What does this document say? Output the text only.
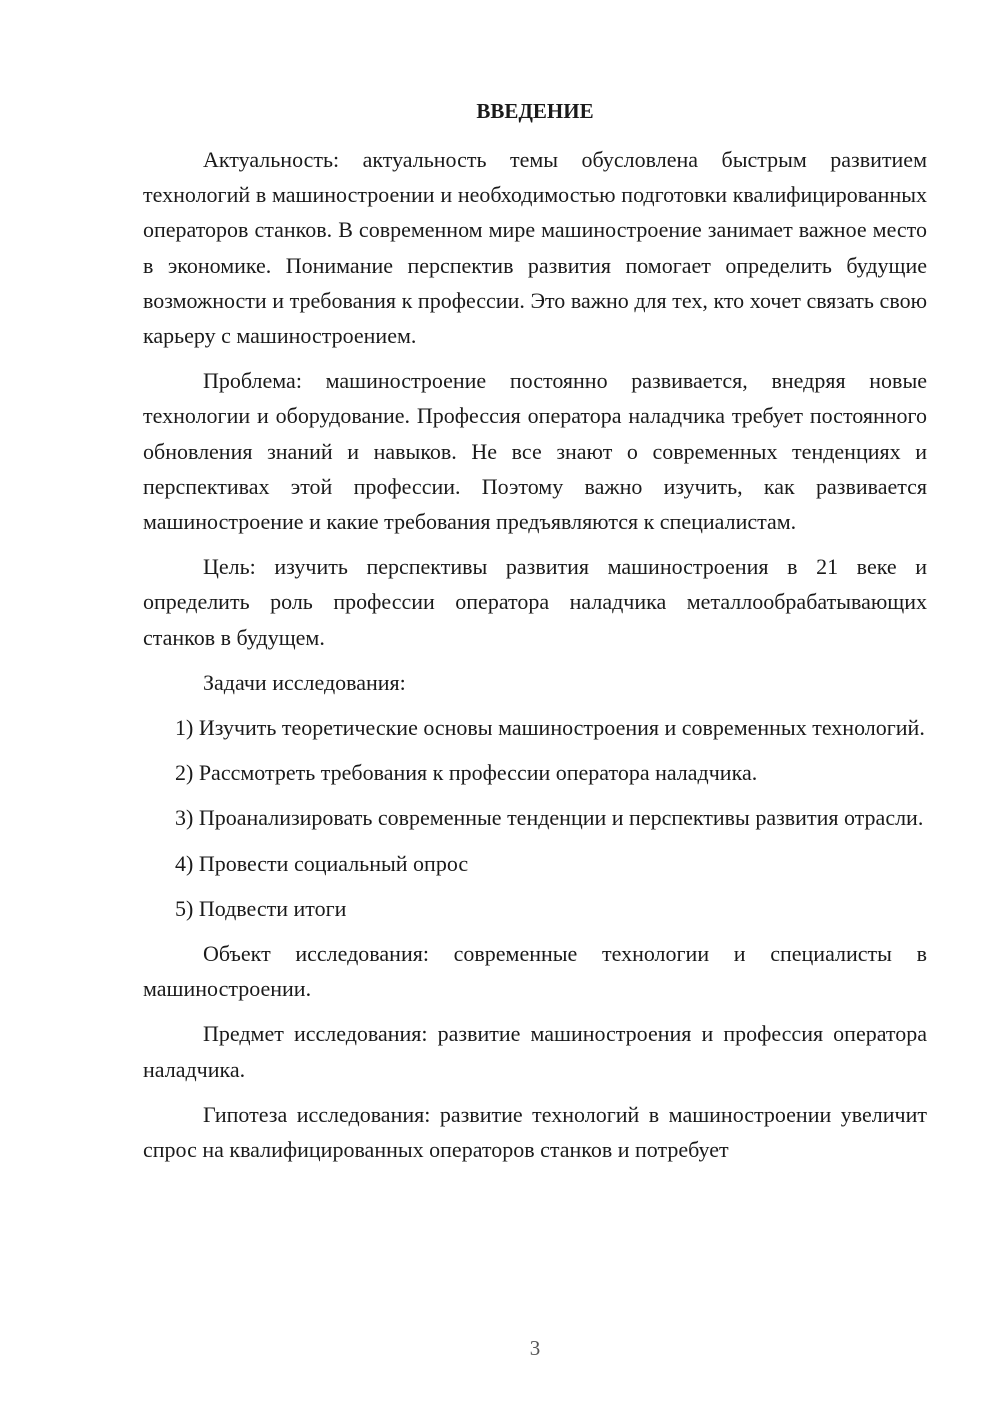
ВВЕДЕНИЕ

Актуальность: актуальность темы обусловлена быстрым развитием технологий в машиностроении и необходимостью подготовки квалифицированных операторов станков. В современном мире машиностроение занимает важное место в экономике. Понимание перспектив развития помогает определить будущие возможности и требования к профессии. Это важно для тех, кто хочет связать свою карьеру с машиностроением.

Проблема: машиностроение постоянно развивается, внедряя новые технологии и оборудование. Профессия оператора наладчика требует постоянного обновления знаний и навыков. Не все знают о современных тенденциях и перспективах этой профессии. Поэтому важно изучить, как развивается машиностроение и какие требования предъявляются к специалистам.

Цель: изучить перспективы развития машиностроения в 21 веке и определить роль профессии оператора наладчика металлообрабатывающих станков в будущем.

Задачи исследования:

1) Изучить теоретические основы машиностроения и современных технологий.

2) Рассмотреть требования к профессии оператора наладчика.

3) Проанализировать современные тенденции и перспективы развития отрасли.

4) Провести социальный опрос

5) Подвести итоги

Объект исследования: современные технологии и специалисты в машиностроении.

Предмет исследования: развитие машиностроения и профессия оператора наладчика.

Гипотеза исследования: развитие технологий в машиностроении увеличит спрос на квалифицированных операторов станков и потребует

3
